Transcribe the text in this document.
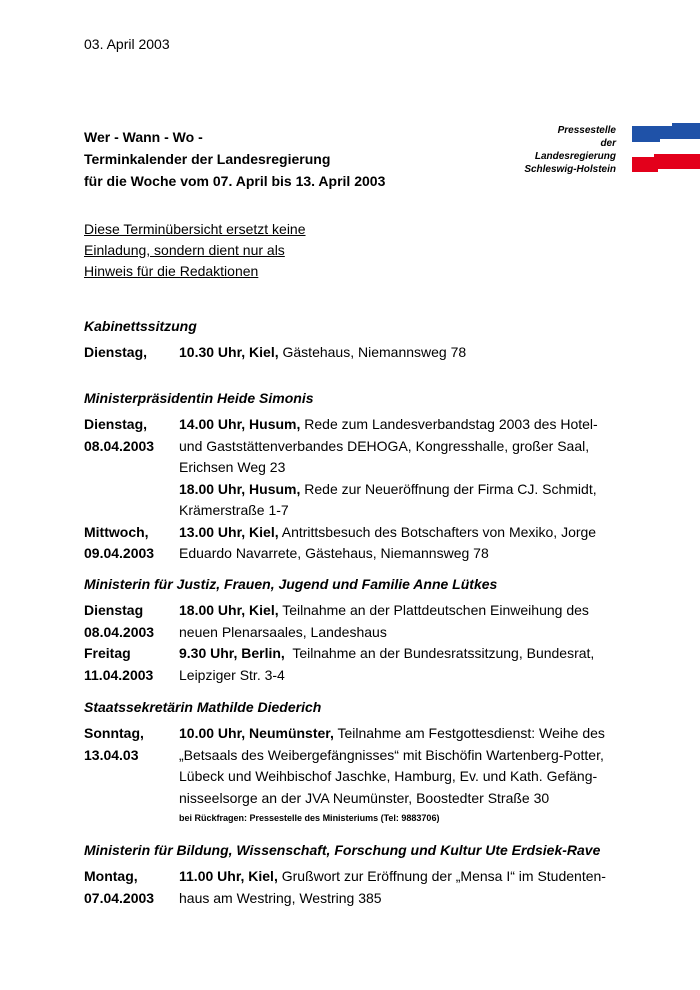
03. April 2003
Wer - Wann - Wo -
Terminkalender der Landesregierung
für die Woche vom 07. April bis 13. April 2003
Pressestelle
der
Landesregierung
Schleswig-Holstein
Diese Terminübersicht ersetzt keine
Einladung, sondern dient nur als
Hinweis für die Redaktionen
Kabinettssitzung
Dienstag,	10.30 Uhr, Kiel, Gästehaus, Niemannsweg 78
Ministerpräsidentin Heide Simonis
Dienstag,	14.00 Uhr, Husum, Rede zum Landesverbandstag 2003 des Hotel-
08.04.2003	und Gaststättenverbandes DEHOGA, Kongresshalle, großer Saal,
Erichsen Weg 23
18.00 Uhr, Husum, Rede zur Neueröffnung der Firma CJ. Schmidt,
Krämerstraße 1-7
Mittwoch,	13.00 Uhr, Kiel, Antrittsbesuch des Botschafters von Mexiko, Jorge
09.04.2003	Eduardo Navarrete, Gästehaus, Niemannsweg 78
Ministerin für Justiz, Frauen, Jugend und Familie Anne Lütkes
Dienstag	18.00 Uhr, Kiel, Teilnahme an der Plattdeutschen Einweihung des
08.04.2003	neuen Plenarsaales, Landeshaus
Freitag	9.30 Uhr, Berlin,  Teilnahme an der Bundesratssitzung, Bundesrat,
11.04.2003	Leipziger Str. 3-4
Staatssekretärin Mathilde Diederich
Sonntag,	10.00 Uhr, Neumünster, Teilnahme am Festgottesdienst: Weihe des
13.04.03	„Betsaals des Weibergefängnisses“ mit Bischöfin Wartenberg-Potter,
Lübeck und Weihbischof Jaschke, Hamburg, Ev. und Kath. Gefäng-
nisseelsorge an der JVA Neumünster, Boostedter Straße 30
bei Rückfragen: Pressestelle des Ministeriums (Tel: 9883706)
Ministerin für Bildung, Wissenschaft, Forschung und Kultur Ute Erdsiek-Rave
Montag,	11.00 Uhr, Kiel, Grußwort zur Eröffnung der „Mensa I“ im Studenten-
07.04.2003	haus am Westring, Westring 385
